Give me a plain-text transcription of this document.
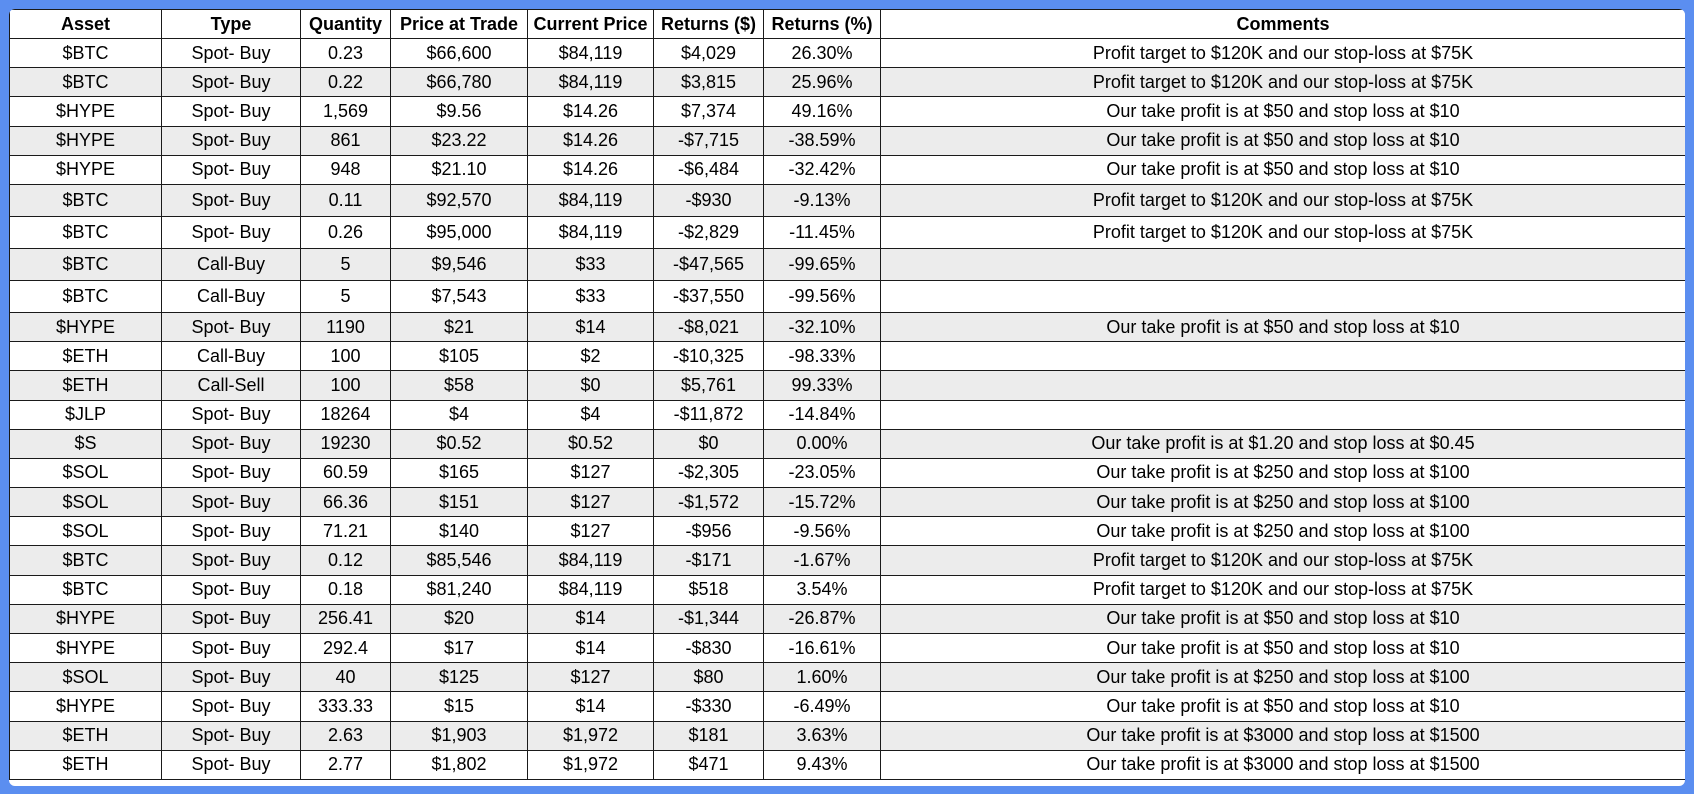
Asset	Type	Quantity	Price at Trade	Current Price	Returns ($)	Returns (%)	Comments
$BTC	Spot- Buy	0.23	$66,600	$84,119	$4,029	26.30%	Profit target to $120K and our stop-loss at $75K
$BTC	Spot- Buy	0.22	$66,780	$84,119	$3,815	25.96%	Profit target to $120K and our stop-loss at $75K
$HYPE	Spot- Buy	1,569	$9.56	$14.26	$7,374	49.16%	Our take profit is at $50 and stop loss at $10
$HYPE	Spot- Buy	861	$23.22	$14.26	-$7,715	-38.59%	Our take profit is at $50 and stop loss at $10
$HYPE	Spot- Buy	948	$21.10	$14.26	-$6,484	-32.42%	Our take profit is at $50 and stop loss at $10
$BTC	Spot- Buy	0.11	$92,570	$84,119	-$930	-9.13%	Profit target to $120K and our stop-loss at $75K
$BTC	Spot- Buy	0.26	$95,000	$84,119	-$2,829	-11.45%	Profit target to $120K and our stop-loss at $75K
$BTC	Call-Buy	5	$9,546	$33	-$47,565	-99.65%	
$BTC	Call-Buy	5	$7,543	$33	-$37,550	-99.56%	
$HYPE	Spot- Buy	1190	$21	$14	-$8,021	-32.10%	Our take profit is at $50 and stop loss at $10
$ETH	Call-Buy	100	$105	$2	-$10,325	-98.33%	
$ETH	Call-Sell	100	$58	$0	$5,761	99.33%	
$JLP	Spot- Buy	18264	$4	$4	-$11,872	-14.84%	
$S	Spot- Buy	19230	$0.52	$0.52	$0	0.00%	Our take profit is at $1.20 and stop loss at $0.45
$SOL	Spot- Buy	60.59	$165	$127	-$2,305	-23.05%	Our take profit is at $250 and stop loss at $100
$SOL	Spot- Buy	66.36	$151	$127	-$1,572	-15.72%	Our take profit is at $250 and stop loss at $100
$SOL	Spot- Buy	71.21	$140	$127	-$956	-9.56%	Our take profit is at $250 and stop loss at $100
$BTC	Spot- Buy	0.12	$85,546	$84,119	-$171	-1.67%	Profit target to $120K and our stop-loss at $75K
$BTC	Spot- Buy	0.18	$81,240	$84,119	$518	3.54%	Profit target to $120K and our stop-loss at $75K
$HYPE	Spot- Buy	256.41	$20	$14	-$1,344	-26.87%	Our take profit is at $50 and stop loss at $10
$HYPE	Spot- Buy	292.4	$17	$14	-$830	-16.61%	Our take profit is at $50 and stop loss at $10
$SOL	Spot- Buy	40	$125	$127	$80	1.60%	Our take profit is at $250 and stop loss at $100
$HYPE	Spot- Buy	333.33	$15	$14	-$330	-6.49%	Our take profit is at $50 and stop loss at $10
$ETH	Spot- Buy	2.63	$1,903	$1,972	$181	3.63%	Our take profit is at $3000 and stop loss at $1500
$ETH	Spot- Buy	2.77	$1,802	$1,972	$471	9.43%	Our take profit is at $3000 and stop loss at $1500
